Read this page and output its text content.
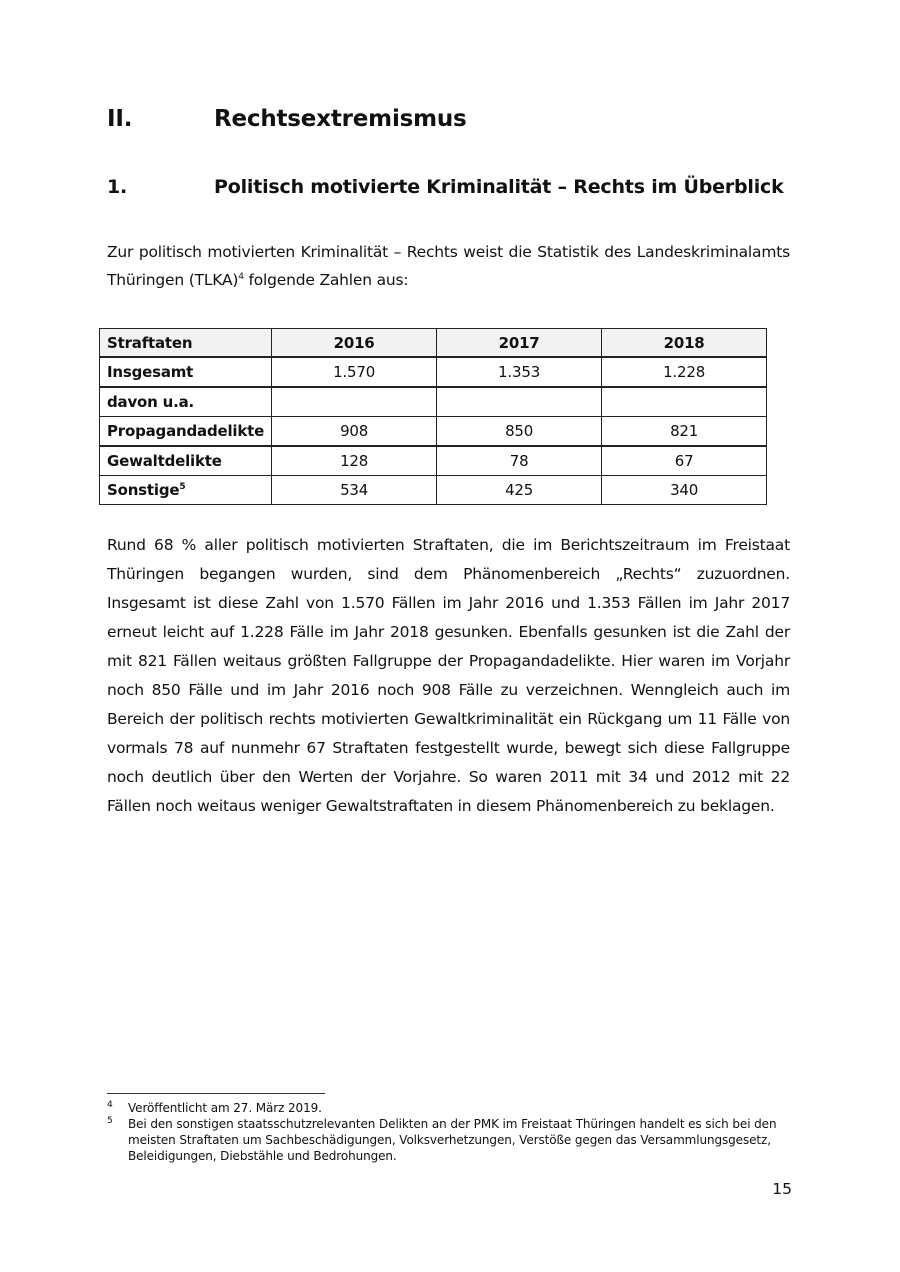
II.	Rechtsextremismus
1.	Politisch motivierte Kriminalität – Rechts im Überblick

Zur politisch motivierten Kriminalität – Rechts weist die Statistik des Landeskriminalamts Thüringen (TLKA)$^4$ folgende Zahlen aus:

Straftaten	2016	2017	2018
Insgesamt	1.570	1.353	1.228
davon u.a.			
Propagandadelikte	908	850	821
Gewaltdelikte	128	78	67
Sonstige$^5$	534	425	340

Rund 68 % aller politisch motivierten Straftaten, die im Berichtszeitraum im Freistaat Thüringen begangen wurden, sind dem Phänomenbereich „Rechts“ zuzuordnen. Insgesamt ist diese Zahl von 1.570 Fällen im Jahr 2016 und 1.353 Fällen im Jahr 2017 erneut leicht auf 1.228 Fälle im Jahr 2018 gesunken. Ebenfalls gesunken ist die Zahl der mit 821 Fällen weitaus größten Fallgruppe der Propagandadelikte. Hier waren im Vorjahr noch 850 Fälle und im Jahr 2016 noch 908 Fälle zu verzeichnen. Wenngleich auch im Bereich der politisch rechts motivierten Gewaltkriminalität ein Rückgang um 11 Fälle von vormals 78 auf nunmehr 67 Straftaten festgestellt wurde, bewegt sich diese Fallgruppe noch deutlich über den Werten der Vorjahre. So waren 2011 mit 34 und 2012 mit 22 Fällen noch weitaus weniger Gewaltstraftaten in diesem Phänomenbereich zu beklagen.

4 Veröffentlicht am 27. März 2019.
5 Bei den sonstigen staatsschutzrelevanten Delikten an der PMK im Freistaat Thüringen handelt es sich bei den meisten Straftaten um Sachbeschädigungen, Volksverhetzungen, Verstöße gegen das Versammlungsgesetz, Beleidigungen, Diebstähle und Bedrohungen.
15
